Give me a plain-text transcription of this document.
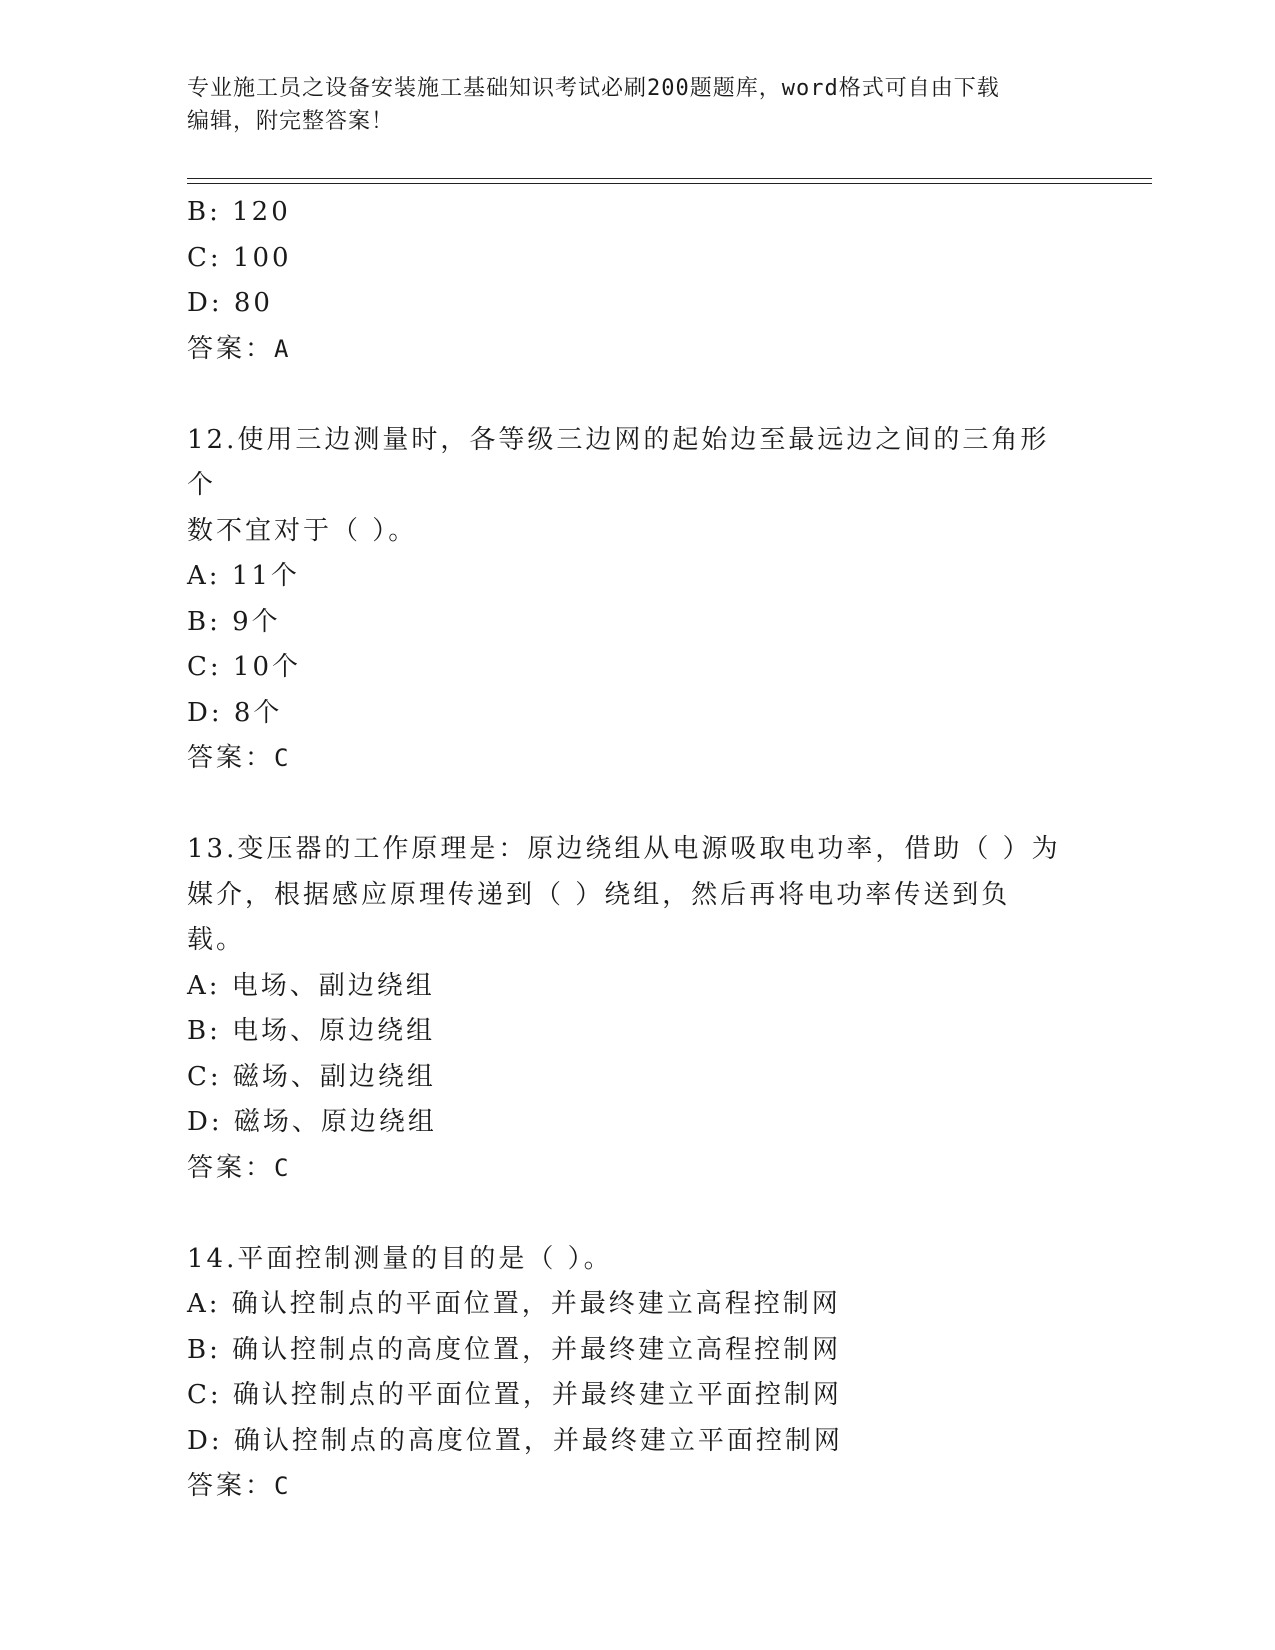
专业施工员之设备安装施工基础知识考试必刷200题题库，word格式可自由下载
编辑，附完整答案！
B: 120
C: 100
D: 80
答案：A
12.使用三边测量时，各等级三边网的起始边至最远边之间的三角形个
数不宜对于（ ）。
A: 11个
B: 9个
C: 10个
D: 8个
答案：C
13.变压器的工作原理是：原边绕组从电源吸取电功率，借助（ ）为
媒介，根据感应原理传递到（ ）绕组，然后再将电功率传送到负载。
A: 电场、副边绕组
B: 电场、原边绕组
C: 磁场、副边绕组
D: 磁场、原边绕组
答案：C
14.平面控制测量的目的是（ ）。
A: 确认控制点的平面位置，并最终建立高程控制网
B: 确认控制点的高度位置，并最终建立高程控制网
C: 确认控制点的平面位置，并最终建立平面控制网
D: 确认控制点的高度位置，并最终建立平面控制网
答案：C
